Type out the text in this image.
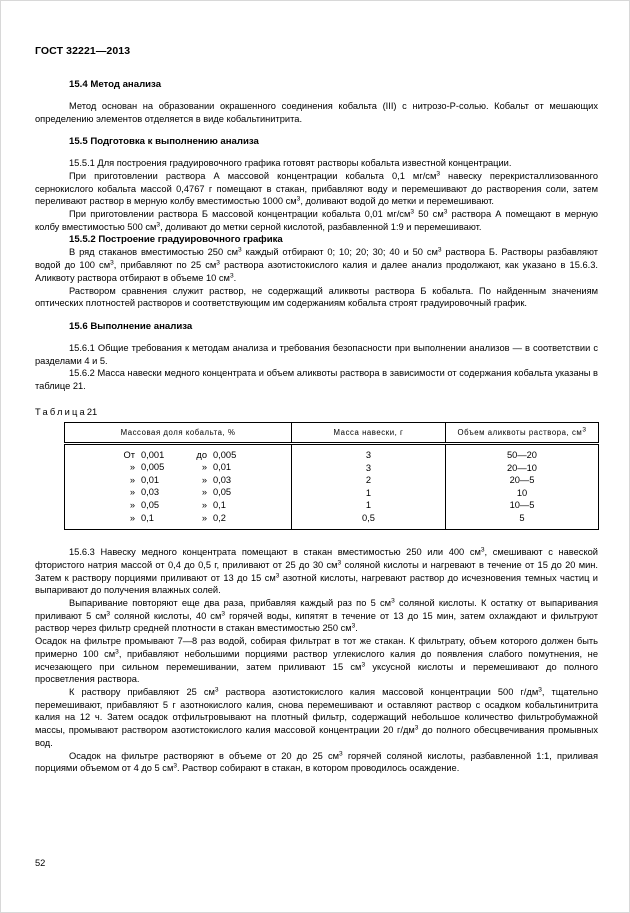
ГОСТ 32221—2013
15.4 Метод анализа

Метод основан на образовании окрашенного соединения кобальта (III) с нитрозо-Р-солью. Кобальт от мешающих определению элементов отделяется в виде кобальтинитрита.

15.5 Подготовка к выполнению анализа

15.5.1 Для построения градуировочного графика готовят растворы кобальта известной концентрации.

При приготовлении раствора А массовой концентрации кобальта 0,1 $мг/см^3$ навеску перекристаллизованного сернокислого кобальта массой 0,4767 г помещают в стакан, прибавляют воду и перемешивают до растворения соли, затем переливают раствор в мерную колбу вместимостью 1000 $см^3$, доливают водой до метки и перемешивают.

При приготовлении раствора Б массовой концентрации кобальта 0,01 $мг/см^3$ 50 $см^3$ раствора А помещают в мерную колбу вместимостью 500 $см^3$, доливают до метки серной кислотой, разбавленной 1:9 и перемешивают.

15.5.2 Построение градуировочного графика

В ряд стаканов вместимостью 250 $см^3$ каждый отбирают 0; 10; 20; 30; 40 и 50 $см^3$ раствора Б. Растворы разбавляют водой до 100 $см^3$, прибавляют по 25 $см^3$ раствора азотистокислого калия и далее анализ продолжают, как указано в 15.6.3. Аликвоту раствора отбирают в объеме 10 $см^3$.

Раствором сравнения служит раствор, не содержащий аликвоты раствора Б кобальта. По найденным значениям оптических плотностей растворов и соответствующим им содержаниям кобальта строят градуировочный график.

15.6 Выполнение анализа

15.6.1 Общие требования к методам анализа и требования безопасности при выполнении анализов — в соответствии с разделами 4 и 5.

15.6.2 Масса навески медного концентрата и объем аликвоты раствора в зависимости от содержания кобальта указаны в таблице 21.

Таблица21

Массовая доля кобальта, %	Масса навески, г	Объем аликвоты раствора, $см^3$

От 0,001 до 0,005	3	50—20

» 0,005 » 0,01	3	20—10

» 0,01 » 0,03	2	20—5

» 0,03 » 0,05	1	10

» 0,05 » 0,1	1	10—5

» 0,1 » 0,2	0,5	5

15.6.3 Навеску медного концентрата помещают в стакан вместимостью 250 или 400 $см^3$, смешивают с навеской фтористого натрия массой от 0,4 до 0,5 г, приливают от 25 до 30 $см^3$ соляной кислоты и нагревают в течение от 15 до 20 мин. Затем к раствору порциями приливают от 13 до 15 $см^3$ азотной кислоты, нагревают раствор до исчезновения темных частиц и выпаривают до получения влажных солей.

Выпаривание повторяют еще два раза, прибавляя каждый раз по 5 $см^3$ соляной кислоты. К остатку от выпаривания приливают 5 $см^3$ соляной кислоты, 40 $см^3$ горячей воды, кипятят в течение от 13 до 15 мин, затем охлаждают и фильтруют раствор через фильтр средней плотности в стакан вместимостью 250 $см^3$.

Осадок на фильтре промывают 7—8 раз водой, собирая фильтрат в тот же стакан. К фильтрату, объем которого должен быть примерно 100 $см^3$, прибавляют небольшими порциями раствор углекислого калия до появления слабого помутнения, не исчезающего при сильном перемешивании, затем приливают 15 $см^3$ уксусной кислоты и перемешивают до полного просветления раствора.

К раствору прибавляют 25 $см^3$ раствора азотистокислого калия массовой концентрации 500 $г/дм^3$, тщательно перемешивают, прибавляют 5 г азотнокислого калия, снова перемешивают и оставляют раствор с осадком кобальтинитрита калия на 12 ч. Затем осадок отфильтровывают на плотный фильтр, содержащий небольшое количество фильтробумажной массы, промывают раствором азотистокислого калия массовой концентрации 20 $г/дм^3$ до полного обесцвечивания промывных вод.

Осадок на фильтре растворяют в объеме от 20 до 25 $см^3$ горячей соляной кислоты, разбавленной 1:1, приливая порциями объемом от 4 до 5 $см^3$. Раствор собирают в стакан, в котором проводилось осаждение.

52
